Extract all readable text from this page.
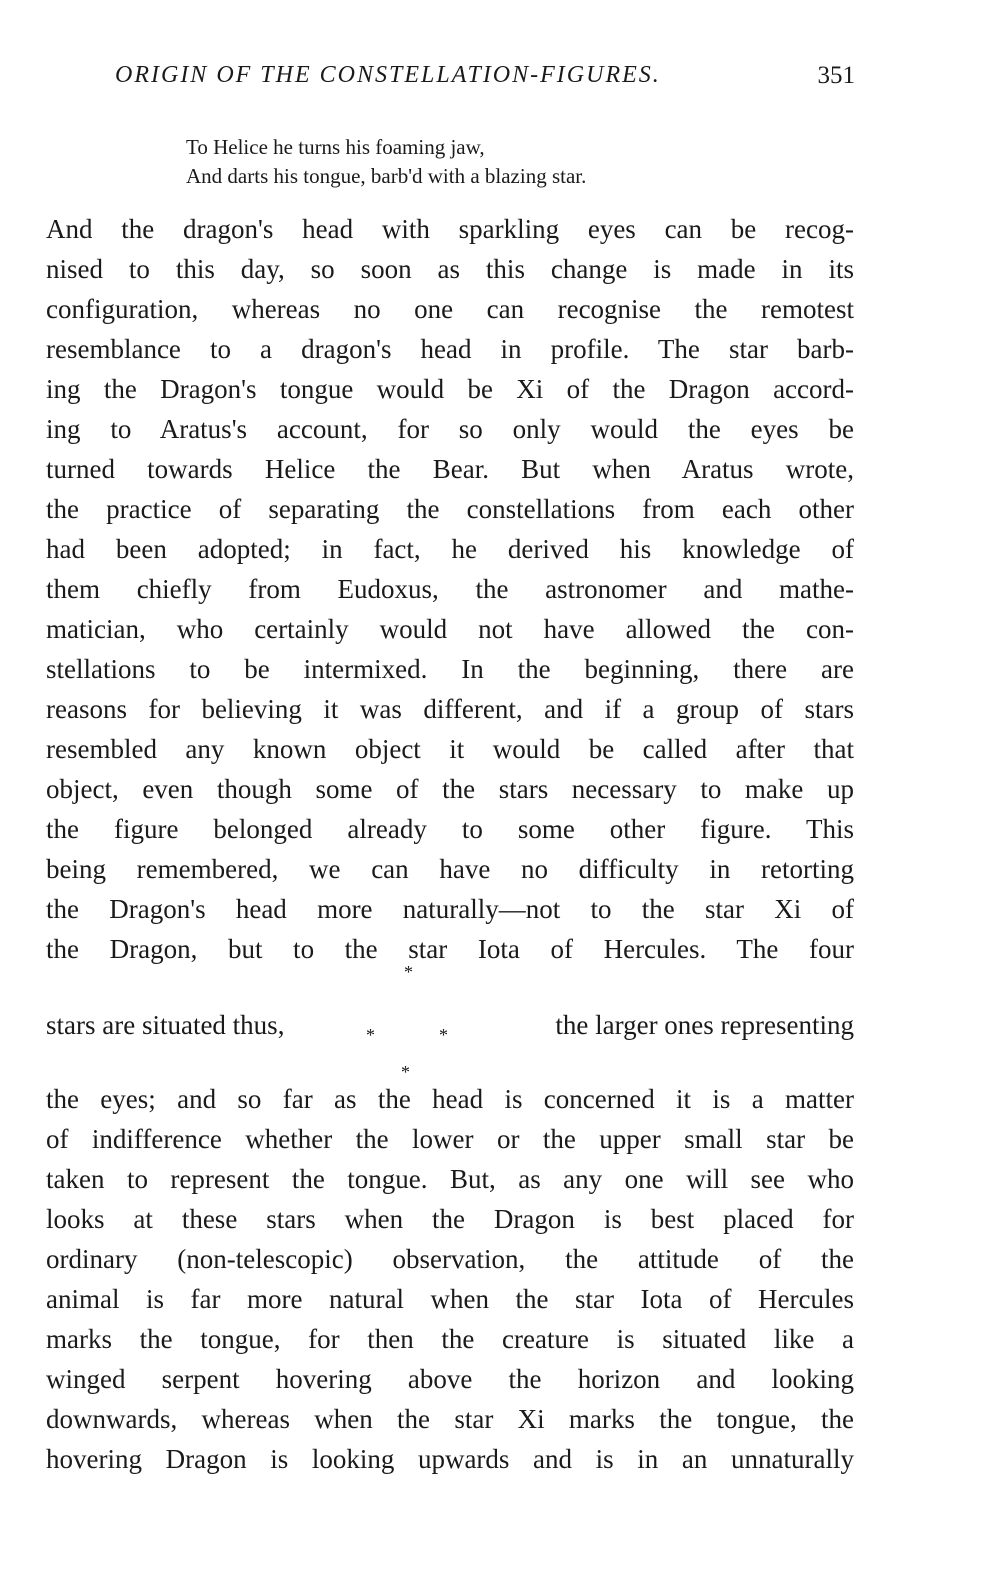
ORIGIN OF THE CONSTELLATION-FIGURES.	351
To Helice he turns his foaming jaw,
And darts his tongue, barb'd with a blazing star.
And the dragon's head with sparkling eyes can be recog-
nised to this day, so soon as this change is made in its
configuration, whereas no one can recognise the remotest
resemblance to a dragon's head in profile. The star barb-
ing the Dragon's tongue would be Xi of the Dragon accord-
ing to Aratus's account, for so only would the eyes be
turned towards Helice the Bear. But when Aratus wrote,
the practice of separating the constellations from each other
had been adopted; in fact, he derived his knowledge of
them chiefly from Eudoxus, the astronomer and mathe-
matician, who certainly would not have allowed the con-
stellations to be intermixed. In the beginning, there are
reasons for believing it was different, and if a group of stars
resembled any known object it would be called after that
object, even though some of the stars necessary to make up
the figure belonged already to some other figure. This
being remembered, we can have no difficulty in retorting
the Dragon's head more naturally—not to the star Xi of
the Dragon, but to the star Iota of Hercules. The four
*
stars are situated thus,	the larger ones representing
*	*
*
the eyes; and so far as the head is concerned it is a matter
of indifference whether the lower or the upper small star be
taken to represent the tongue. But, as any one will see who
looks at these stars when the Dragon is best placed for
ordinary (non-telescopic) observation, the attitude of the
animal is far more natural when the star Iota of Hercules
marks the tongue, for then the creature is situated like a
winged serpent hovering above the horizon and looking
downwards, whereas when the star Xi marks the tongue, the
hovering Dragon is looking upwards and is in an unnaturally
